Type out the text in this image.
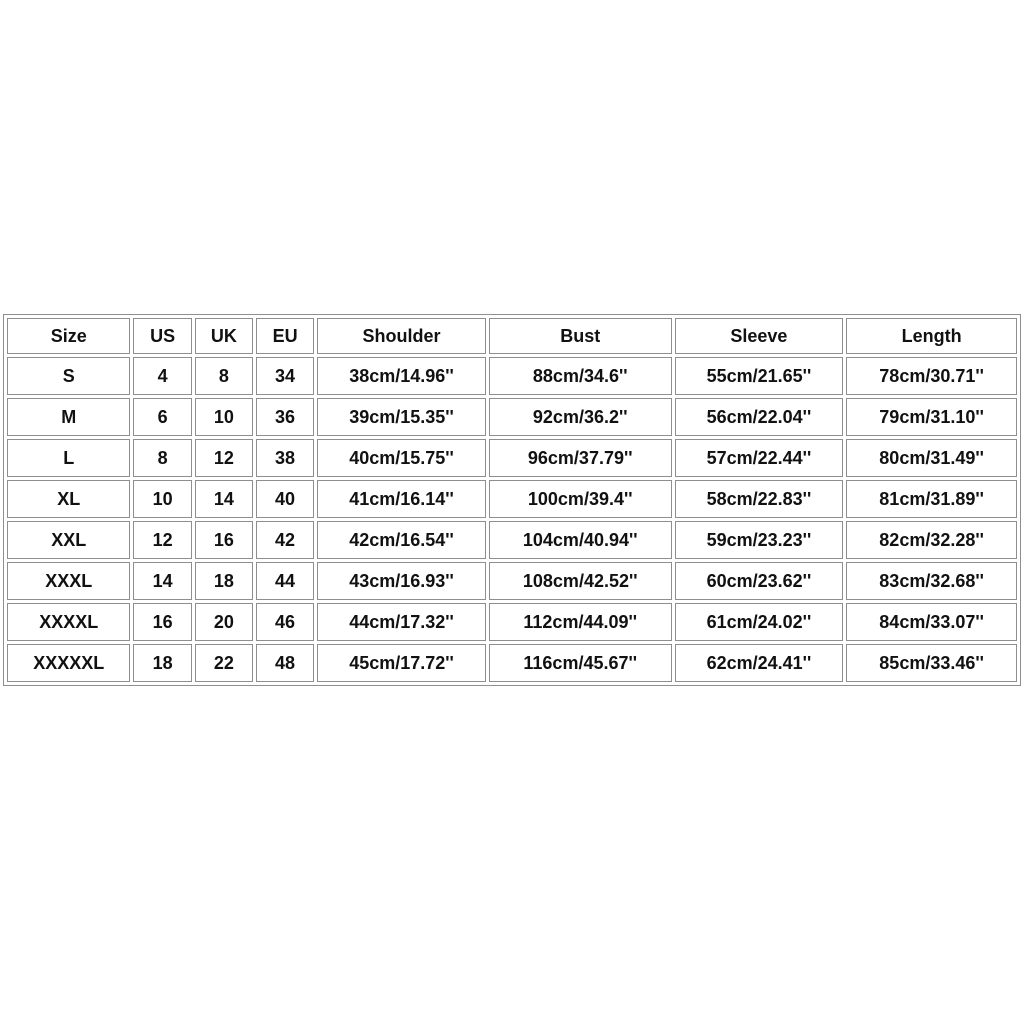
Size	US	UK	EU	Shoulder	Bust	Sleeve	Length
S	4	8	34	38cm/14.96''	88cm/34.6''	55cm/21.65''	78cm/30.71''
M	6	10	36	39cm/15.35''	92cm/36.2''	56cm/22.04''	79cm/31.10''
L	8	12	38	40cm/15.75''	96cm/37.79''	57cm/22.44''	80cm/31.49''
XL	10	14	40	41cm/16.14''	100cm/39.4''	58cm/22.83''	81cm/31.89''
XXL	12	16	42	42cm/16.54''	104cm/40.94''	59cm/23.23''	82cm/32.28''
XXXL	14	18	44	43cm/16.93''	108cm/42.52''	60cm/23.62''	83cm/32.68''
XXXXL	16	20	46	44cm/17.32''	112cm/44.09''	61cm/24.02''	84cm/33.07''
XXXXXL	18	22	48	45cm/17.72''	116cm/45.67''	62cm/24.41''	85cm/33.46''
